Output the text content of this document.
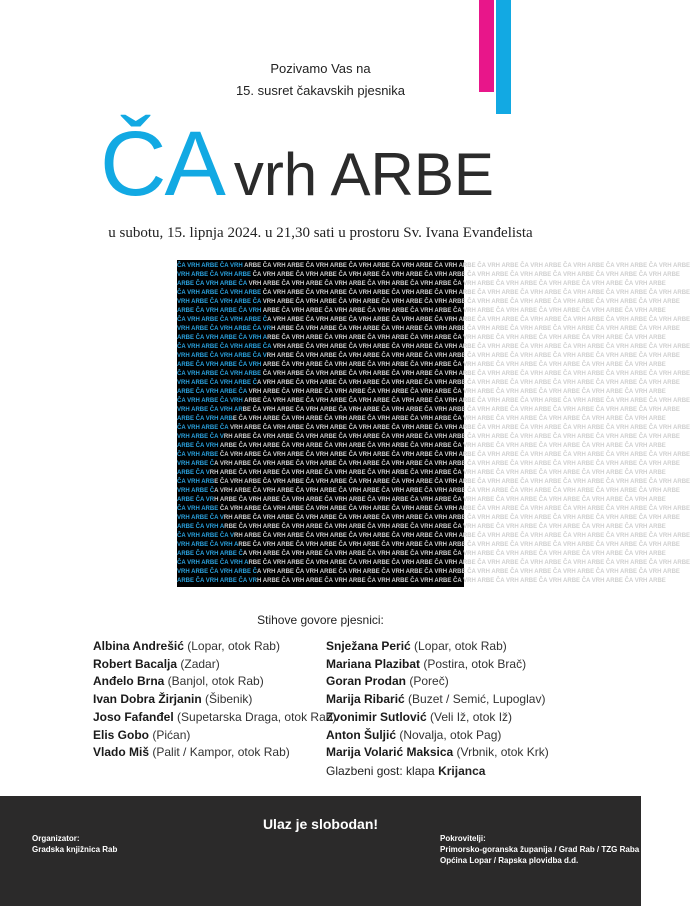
Pozivamo Vas na
15. susret čakavskih pjesnika
ČA vrh ARBE
u subotu, 15. lipnja 2024. u 21,30 sati u prostoru Sv. Ivana Evanđelista
ČA VRH ARBE ČA VRH ARBE ČA VRH ARBE ČA VRH ARBE ČA VRH ARBE ČA VRH ARBE ČA VRH ARBE ČA VRH ARBE ČA VRH ARBE ČA VRH ARBE ČA VRH ARBE ČA VRH ARBE
VRH ARBE ČA VRH ARBE ČA VRH ARBE ČA VRH ARBE ČA VRH ARBE ČA VRH ARBE ČA VRH ARBE ČA VRH ARBE ČA VRH ARBE ČA VRH ARBE ČA VRH ARBE ČA VRH ARBE
ARBE ČA VRH ARBE ČA VRH ARBE ČA VRH ARBE ČA VRH ARBE ČA VRH ARBE ČA VRH ARBE ČA VRH ARBE ČA VRH ARBE ČA VRH ARBE ČA VRH ARBE ČA VRH ARBE
ČA VRH ARBE ČA VRH ARBE ČA VRH ARBE ČA VRH ARBE ČA VRH ARBE ČA VRH ARBE ČA VRH ARBE ČA VRH ARBE ČA VRH ARBE ČA VRH ARBE ČA VRH ARBE ČA VRH ARBE
VRH ARBE ČA VRH ARBE ČA VRH ARBE ČA VRH ARBE ČA VRH ARBE ČA VRH ARBE ČA VRH ARBE ČA VRH ARBE ČA VRH ARBE ČA VRH ARBE ČA VRH ARBE ČA VRH ARBE
ARBE ČA VRH ARBE ČA VRH ARBE ČA VRH ARBE ČA VRH ARBE ČA VRH ARBE ČA VRH ARBE ČA VRH ARBE ČA VRH ARBE ČA VRH ARBE ČA VRH ARBE ČA VRH ARBE
ČA VRH ARBE ČA VRH ARBE ČA VRH ARBE ČA VRH ARBE ČA VRH ARBE ČA VRH ARBE ČA VRH ARBE ČA VRH ARBE ČA VRH ARBE ČA VRH ARBE ČA VRH ARBE ČA VRH ARBE
VRH ARBE ČA VRH ARBE ČA VRH ARBE ČA VRH ARBE ČA VRH ARBE ČA VRH ARBE ČA VRH ARBE ČA VRH ARBE ČA VRH ARBE ČA VRH ARBE ČA VRH ARBE ČA VRH ARBE
ARBE ČA VRH ARBE ČA VRH ARBE ČA VRH ARBE ČA VRH ARBE ČA VRH ARBE ČA VRH ARBE ČA VRH ARBE ČA VRH ARBE ČA VRH ARBE ČA VRH ARBE ČA VRH ARBE
ČA VRH ARBE ČA VRH ARBE ČA VRH ARBE ČA VRH ARBE ČA VRH ARBE ČA VRH ARBE ČA VRH ARBE ČA VRH ARBE ČA VRH ARBE ČA VRH ARBE ČA VRH ARBE ČA VRH ARBE
VRH ARBE ČA VRH ARBE ČA VRH ARBE ČA VRH ARBE ČA VRH ARBE ČA VRH ARBE ČA VRH ARBE ČA VRH ARBE ČA VRH ARBE ČA VRH ARBE ČA VRH ARBE ČA VRH ARBE
ARBE ČA VRH ARBE ČA VRH ARBE ČA VRH ARBE ČA VRH ARBE ČA VRH ARBE ČA VRH ARBE ČA VRH ARBE ČA VRH ARBE ČA VRH ARBE ČA VRH ARBE ČA VRH ARBE
ČA VRH ARBE ČA VRH ARBE ČA VRH ARBE ČA VRH ARBE ČA VRH ARBE ČA VRH ARBE ČA VRH ARBE ČA VRH ARBE ČA VRH ARBE ČA VRH ARBE ČA VRH ARBE ČA VRH ARBE
VRH ARBE ČA VRH ARBE ČA VRH ARBE ČA VRH ARBE ČA VRH ARBE ČA VRH ARBE ČA VRH ARBE ČA VRH ARBE ČA VRH ARBE ČA VRH ARBE ČA VRH ARBE ČA VRH ARBE
ARBE ČA VRH ARBE ČA VRH ARBE ČA VRH ARBE ČA VRH ARBE ČA VRH ARBE ČA VRH ARBE ČA VRH ARBE ČA VRH ARBE ČA VRH ARBE ČA VRH ARBE ČA VRH ARBE
ČA VRH ARBE ČA VRH ARBE ČA VRH ARBE ČA VRH ARBE ČA VRH ARBE ČA VRH ARBE ČA VRH ARBE ČA VRH ARBE ČA VRH ARBE ČA VRH ARBE ČA VRH ARBE ČA VRH ARBE
VRH ARBE ČA VRH ARBE ČA VRH ARBE ČA VRH ARBE ČA VRH ARBE ČA VRH ARBE ČA VRH ARBE ČA VRH ARBE ČA VRH ARBE ČA VRH ARBE ČA VRH ARBE ČA VRH ARBE
ARBE ČA VRH ARBE ČA VRH ARBE ČA VRH ARBE ČA VRH ARBE ČA VRH ARBE ČA VRH ARBE ČA VRH ARBE ČA VRH ARBE ČA VRH ARBE ČA VRH ARBE ČA VRH ARBE
ČA VRH ARBE ČA VRH ARBE ČA VRH ARBE ČA VRH ARBE ČA VRH ARBE ČA VRH ARBE ČA VRH ARBE ČA VRH ARBE ČA VRH ARBE ČA VRH ARBE ČA VRH ARBE ČA VRH ARBE
VRH ARBE ČA VRH ARBE ČA VRH ARBE ČA VRH ARBE ČA VRH ARBE ČA VRH ARBE ČA VRH ARBE ČA VRH ARBE ČA VRH ARBE ČA VRH ARBE ČA VRH ARBE ČA VRH ARBE
ARBE ČA VRH ARBE ČA VRH ARBE ČA VRH ARBE ČA VRH ARBE ČA VRH ARBE ČA VRH ARBE ČA VRH ARBE ČA VRH ARBE ČA VRH ARBE ČA VRH ARBE ČA VRH ARBE
ČA VRH ARBE ČA VRH ARBE ČA VRH ARBE ČA VRH ARBE ČA VRH ARBE ČA VRH ARBE ČA VRH ARBE ČA VRH ARBE ČA VRH ARBE ČA VRH ARBE ČA VRH ARBE ČA VRH ARBE
VRH ARBE ČA VRH ARBE ČA VRH ARBE ČA VRH ARBE ČA VRH ARBE ČA VRH ARBE ČA VRH ARBE ČA VRH ARBE ČA VRH ARBE ČA VRH ARBE ČA VRH ARBE ČA VRH ARBE
ARBE ČA VRH ARBE ČA VRH ARBE ČA VRH ARBE ČA VRH ARBE ČA VRH ARBE ČA VRH ARBE ČA VRH ARBE ČA VRH ARBE ČA VRH ARBE ČA VRH ARBE ČA VRH ARBE
ČA VRH ARBE ČA VRH ARBE ČA VRH ARBE ČA VRH ARBE ČA VRH ARBE ČA VRH ARBE ČA VRH ARBE ČA VRH ARBE ČA VRH ARBE ČA VRH ARBE ČA VRH ARBE ČA VRH ARBE
VRH ARBE ČA VRH ARBE ČA VRH ARBE ČA VRH ARBE ČA VRH ARBE ČA VRH ARBE ČA VRH ARBE ČA VRH ARBE ČA VRH ARBE ČA VRH ARBE ČA VRH ARBE ČA VRH ARBE
ARBE ČA VRH ARBE ČA VRH ARBE ČA VRH ARBE ČA VRH ARBE ČA VRH ARBE ČA VRH ARBE ČA VRH ARBE ČA VRH ARBE ČA VRH ARBE ČA VRH ARBE ČA VRH ARBE
ČA VRH ARBE ČA VRH ARBE ČA VRH ARBE ČA VRH ARBE ČA VRH ARBE ČA VRH ARBE ČA VRH ARBE ČA VRH ARBE ČA VRH ARBE ČA VRH ARBE ČA VRH ARBE ČA VRH ARBE
VRH ARBE ČA VRH ARBE ČA VRH ARBE ČA VRH ARBE ČA VRH ARBE ČA VRH ARBE ČA VRH ARBE ČA VRH ARBE ČA VRH ARBE ČA VRH ARBE ČA VRH ARBE ČA VRH ARBE
ARBE ČA VRH ARBE ČA VRH ARBE ČA VRH ARBE ČA VRH ARBE ČA VRH ARBE ČA VRH ARBE ČA VRH ARBE ČA VRH ARBE ČA VRH ARBE ČA VRH ARBE ČA VRH ARBE
ČA VRH ARBE ČA VRH ARBE ČA VRH ARBE ČA VRH ARBE ČA VRH ARBE ČA VRH ARBE ČA VRH ARBE ČA VRH ARBE ČA VRH ARBE ČA VRH ARBE ČA VRH ARBE ČA VRH ARBE
VRH ARBE ČA VRH ARBE ČA VRH ARBE ČA VRH ARBE ČA VRH ARBE ČA VRH ARBE ČA VRH ARBE ČA VRH ARBE ČA VRH ARBE ČA VRH ARBE ČA VRH ARBE ČA VRH ARBE
ARBE ČA VRH ARBE ČA VRH ARBE ČA VRH ARBE ČA VRH ARBE ČA VRH ARBE ČA VRH ARBE ČA VRH ARBE ČA VRH ARBE ČA VRH ARBE ČA VRH ARBE ČA VRH ARBE
ČA VRH ARBE ČA VRH ARBE ČA VRH ARBE ČA VRH ARBE ČA VRH ARBE ČA VRH ARBE ČA VRH ARBE ČA VRH ARBE ČA VRH ARBE ČA VRH ARBE ČA VRH ARBE ČA VRH ARBE
VRH ARBE ČA VRH ARBE ČA VRH ARBE ČA VRH ARBE ČA VRH ARBE ČA VRH ARBE ČA VRH ARBE ČA VRH ARBE ČA VRH ARBE ČA VRH ARBE ČA VRH ARBE ČA VRH ARBE
ARBE ČA VRH ARBE ČA VRH ARBE ČA VRH ARBE ČA VRH ARBE ČA VRH ARBE ČA VRH ARBE ČA VRH ARBE ČA VRH ARBE ČA VRH ARBE ČA VRH ARBE ČA VRH ARBE
Stihove govore pjesnici:
Albina Andrešić (Lopar, otok Rab)
Robert Bacalja (Zadar)
Anđelo Brna (Banjol, otok Rab)
Ivan Dobra Žirjanin (Šibenik)
Joso Fafanđel (Supetarska Draga, otok Rab)
Elis Gobo (Pićan)
Vlado Miš (Palit / Kampor, otok Rab)
Snježana Perić (Lopar, otok Rab)
Mariana Plazibat (Postira, otok Brač)
Goran Prodan (Poreč)
Marija Ribarić (Buzet / Semić, Lupoglav)
Zvonimir Sutlović (Veli Iž, otok Iž)
Anton Šuljić (Novalja, otok Pag)
Marija Volarić Maksica (Vrbnik, otok Krk)
Glazbeni gost: klapa Krijanca
Ulaz je slobodan!
Organizator:
Gradska knjižnica Rab
Pokrovitelji:
Primorsko-goranska županija / Grad Rab / TZG Raba
Općina Lopar / Rapska plovidba d.d.
